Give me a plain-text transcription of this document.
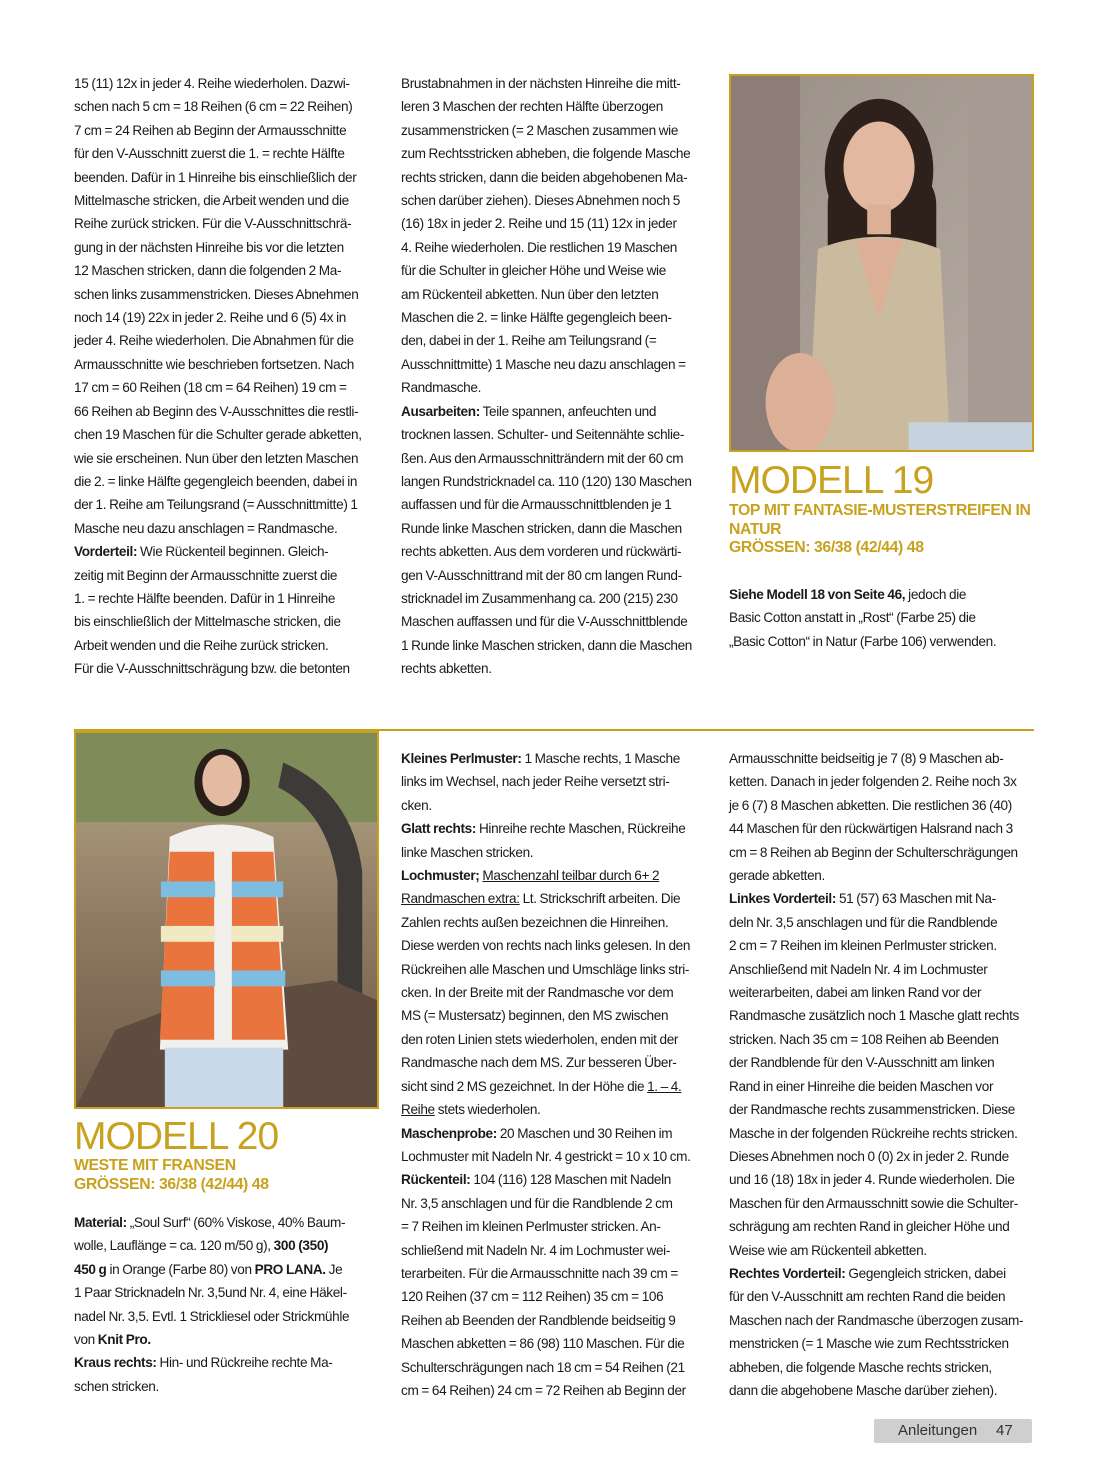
15 (11) 12x in jeder 4. Reihe wiederholen. Dazwi-
schen nach 5 cm = 18 Reihen (6 cm = 22 Reihen)
7 cm = 24 Reihen ab Beginn der Armausschnitte
für den V-Ausschnitt zuerst die 1. = rechte Hälfte
beenden. Dafür in 1 Hinreihe bis einschließlich der
Mittelmasche stricken, die Arbeit wenden und die
Reihe zurück stricken. Für die V-Ausschnittschrä-
gung in der nächsten Hinreihe bis vor die letzten
12 Maschen stricken, dann die folgenden 2 Ma-
schen links zusammenstricken. Dieses Abnehmen
noch 14 (19) 22x in jeder 2. Reihe und 6 (5) 4x in
jeder 4. Reihe wiederholen. Die Abnahmen für die
Armausschnitte wie beschrieben fortsetzen. Nach
17 cm = 60 Reihen (18 cm = 64 Reihen) 19 cm =
66 Reihen ab Beginn des V-Ausschnittes die restli-
chen 19 Maschen für die Schulter gerade abketten,
wie sie erscheinen. Nun über den letzten Maschen
die 2. = linke Hälfte gegengleich beenden, dabei in
der 1. Reihe am Teilungsrand (= Ausschnittmitte) 1
Masche neu dazu anschlagen = Randmasche.

Vorderteil: Wie Rückenteil beginnen. Gleich-
zeitig mit Beginn der Armausschnitte zuerst die
1. = rechte Hälfte beenden. Dafür in 1 Hinreihe
bis einschließlich der Mittelmasche stricken, die
Arbeit wenden und die Reihe zurück stricken.
Für die V-Ausschnittschrägung bzw. die betonten

Brustabnahmen in der nächsten Hinreihe die mitt-
leren 3 Maschen der rechten Hälfte überzogen
zusammenstricken (= 2 Maschen zusammen wie
zum Rechtsstricken abheben, die folgende Masche
rechts stricken, dann die beiden abgehobenen Ma-
schen darüber ziehen). Dieses Abnehmen noch 5
(16) 18x in jeder 2. Reihe und 15 (11) 12x in jeder
4. Reihe wiederholen. Die restlichen 19 Maschen
für die Schulter in gleicher Höhe und Weise wie
am Rückenteil abketten. Nun über den letzten
Maschen die 2. = linke Hälfte gegengleich been-
den, dabei in der 1. Reihe am Teilungsrand (=
Ausschnittmitte) 1 Masche neu dazu anschlagen =
Randmasche.

Ausarbeiten: Teile spannen, anfeuchten und
trocknen lassen. Schulter- und Seitennähte schlie-
ßen. Aus den Armausschnitträndern mit der 60 cm
langen Rundstricknadel ca. 110 (120) 130 Maschen
auffassen und für die Armausschnittblenden je 1
Runde linke Maschen stricken, dann die Maschen
rechts abketten. Aus dem vorderen und rückwärti-
gen V-Ausschnittrand mit der 80 cm langen Rund-
stricknadel im Zusammenhang ca. 200 (215) 230
Maschen auffassen und für die V-Ausschnittblende
1 Runde linke Maschen stricken, dann die Maschen
rechts abketten.

MODELL 19

TOP MIT FANTASIE-MUSTERSTREIFEN IN
NATUR
GRÖSSEN: 36/38 (42/44) 48

Siehe Modell 18 von Seite 46, jedoch die
Basic Cotton anstatt in „Rost“ (Farbe 25) die
„Basic Cotton“ in Natur (Farbe 106) verwenden.

MODELL 20

WESTE MIT FRANSEN
GRÖSSEN: 36/38 (42/44) 48

Material: „Soul Surf“ (60% Viskose, 40% Baum-
wolle, Lauflänge = ca. 120 m/50 g), 300 (350)
450 g in Orange (Farbe 80) von PRO LANA. Je
1 Paar Stricknadeln Nr. 3,5und Nr. 4, eine Häkel-
nadel Nr. 3,5. Evtl. 1 Strickliesel oder Strickmühle
von Knit Pro.

Kraus rechts: Hin- und Rückreihe rechte Ma-
schen stricken.

Kleines Perlmuster: 1 Masche rechts, 1 Masche
links im Wechsel, nach jeder Reihe versetzt stri-
cken.

Glatt rechts: Hinreihe rechte Maschen, Rückreihe
linke Maschen stricken.

Lochmuster; Maschenzahl teilbar durch 6+ 2
Randmaschen extra: Lt. Strickschrift arbeiten. Die
Zahlen rechts außen bezeichnen die Hinreihen.
Diese werden von rechts nach links gelesen. In den
Rückreihen alle Maschen und Umschläge links stri-
cken. In der Breite mit der Randmasche vor dem
MS (= Mustersatz) beginnen, den MS zwischen
den roten Linien stets wiederholen, enden mit der
Randmasche nach dem MS. Zur besseren Über-
sicht sind 2 MS gezeichnet. In der Höhe die 1. – 4.
Reihe stets wiederholen.

Maschenprobe: 20 Maschen und 30 Reihen im
Lochmuster mit Nadeln Nr. 4 gestrickt = 10 x 10 cm.

Rückenteil: 104 (116) 128 Maschen mit Nadeln
Nr. 3,5 anschlagen und für die Randblende 2 cm
= 7 Reihen im kleinen Perlmuster stricken. An-
schließend mit Nadeln Nr. 4 im Lochmuster wei-
terarbeiten. Für die Armausschnitte nach 39 cm =
120 Reihen (37 cm = 112 Reihen) 35 cm = 106
Reihen ab Beenden der Randblende beidseitig 9
Maschen abketten = 86 (98) 110 Maschen. Für die
Schulterschrägungen nach 18 cm = 54 Reihen (21
cm = 64 Reihen) 24 cm = 72 Reihen ab Beginn der

Armausschnitte beidseitig je 7 (8) 9 Maschen ab-
ketten. Danach in jeder folgenden 2. Reihe noch 3x
je 6 (7) 8 Maschen abketten. Die restlichen 36 (40)
44 Maschen für den rückwärtigen Halsrand nach 3
cm = 8 Reihen ab Beginn der Schulterschrägungen
gerade abketten.

Linkes Vorderteil: 51 (57) 63 Maschen mit Na-
deln Nr. 3,5 anschlagen und für die Randblende
2 cm = 7 Reihen im kleinen Perlmuster stricken.
Anschließend mit Nadeln Nr. 4 im Lochmuster
weiterarbeiten, dabei am linken Rand vor der
Randmasche zusätzlich noch 1 Masche glatt rechts
stricken. Nach 35 cm = 108 Reihen ab Beenden
der Randblende für den V-Ausschnitt am linken
Rand in einer Hinreihe die beiden Maschen vor
der Randmasche rechts zusammenstricken. Diese
Masche in der folgenden Rückreihe rechts stricken.
Dieses Abnehmen noch 0 (0) 2x in jeder 2. Runde
und 16 (18) 18x in jeder 4. Runde wiederholen. Die
Maschen für den Armausschnitt sowie die Schulter-
schrägung am rechten Rand in gleicher Höhe und
Weise wie am Rückenteil abketten.

Rechtes Vorderteil: Gegengleich stricken, dabei
für den V-Ausschnitt am rechten Rand die beiden
Maschen nach der Randmasche überzogen zusam-
menstricken (= 1 Masche wie zum Rechtsstricken
abheben, die folgende Masche rechts stricken,
dann die abgehobene Masche darüber ziehen).

Anleitungen 47
